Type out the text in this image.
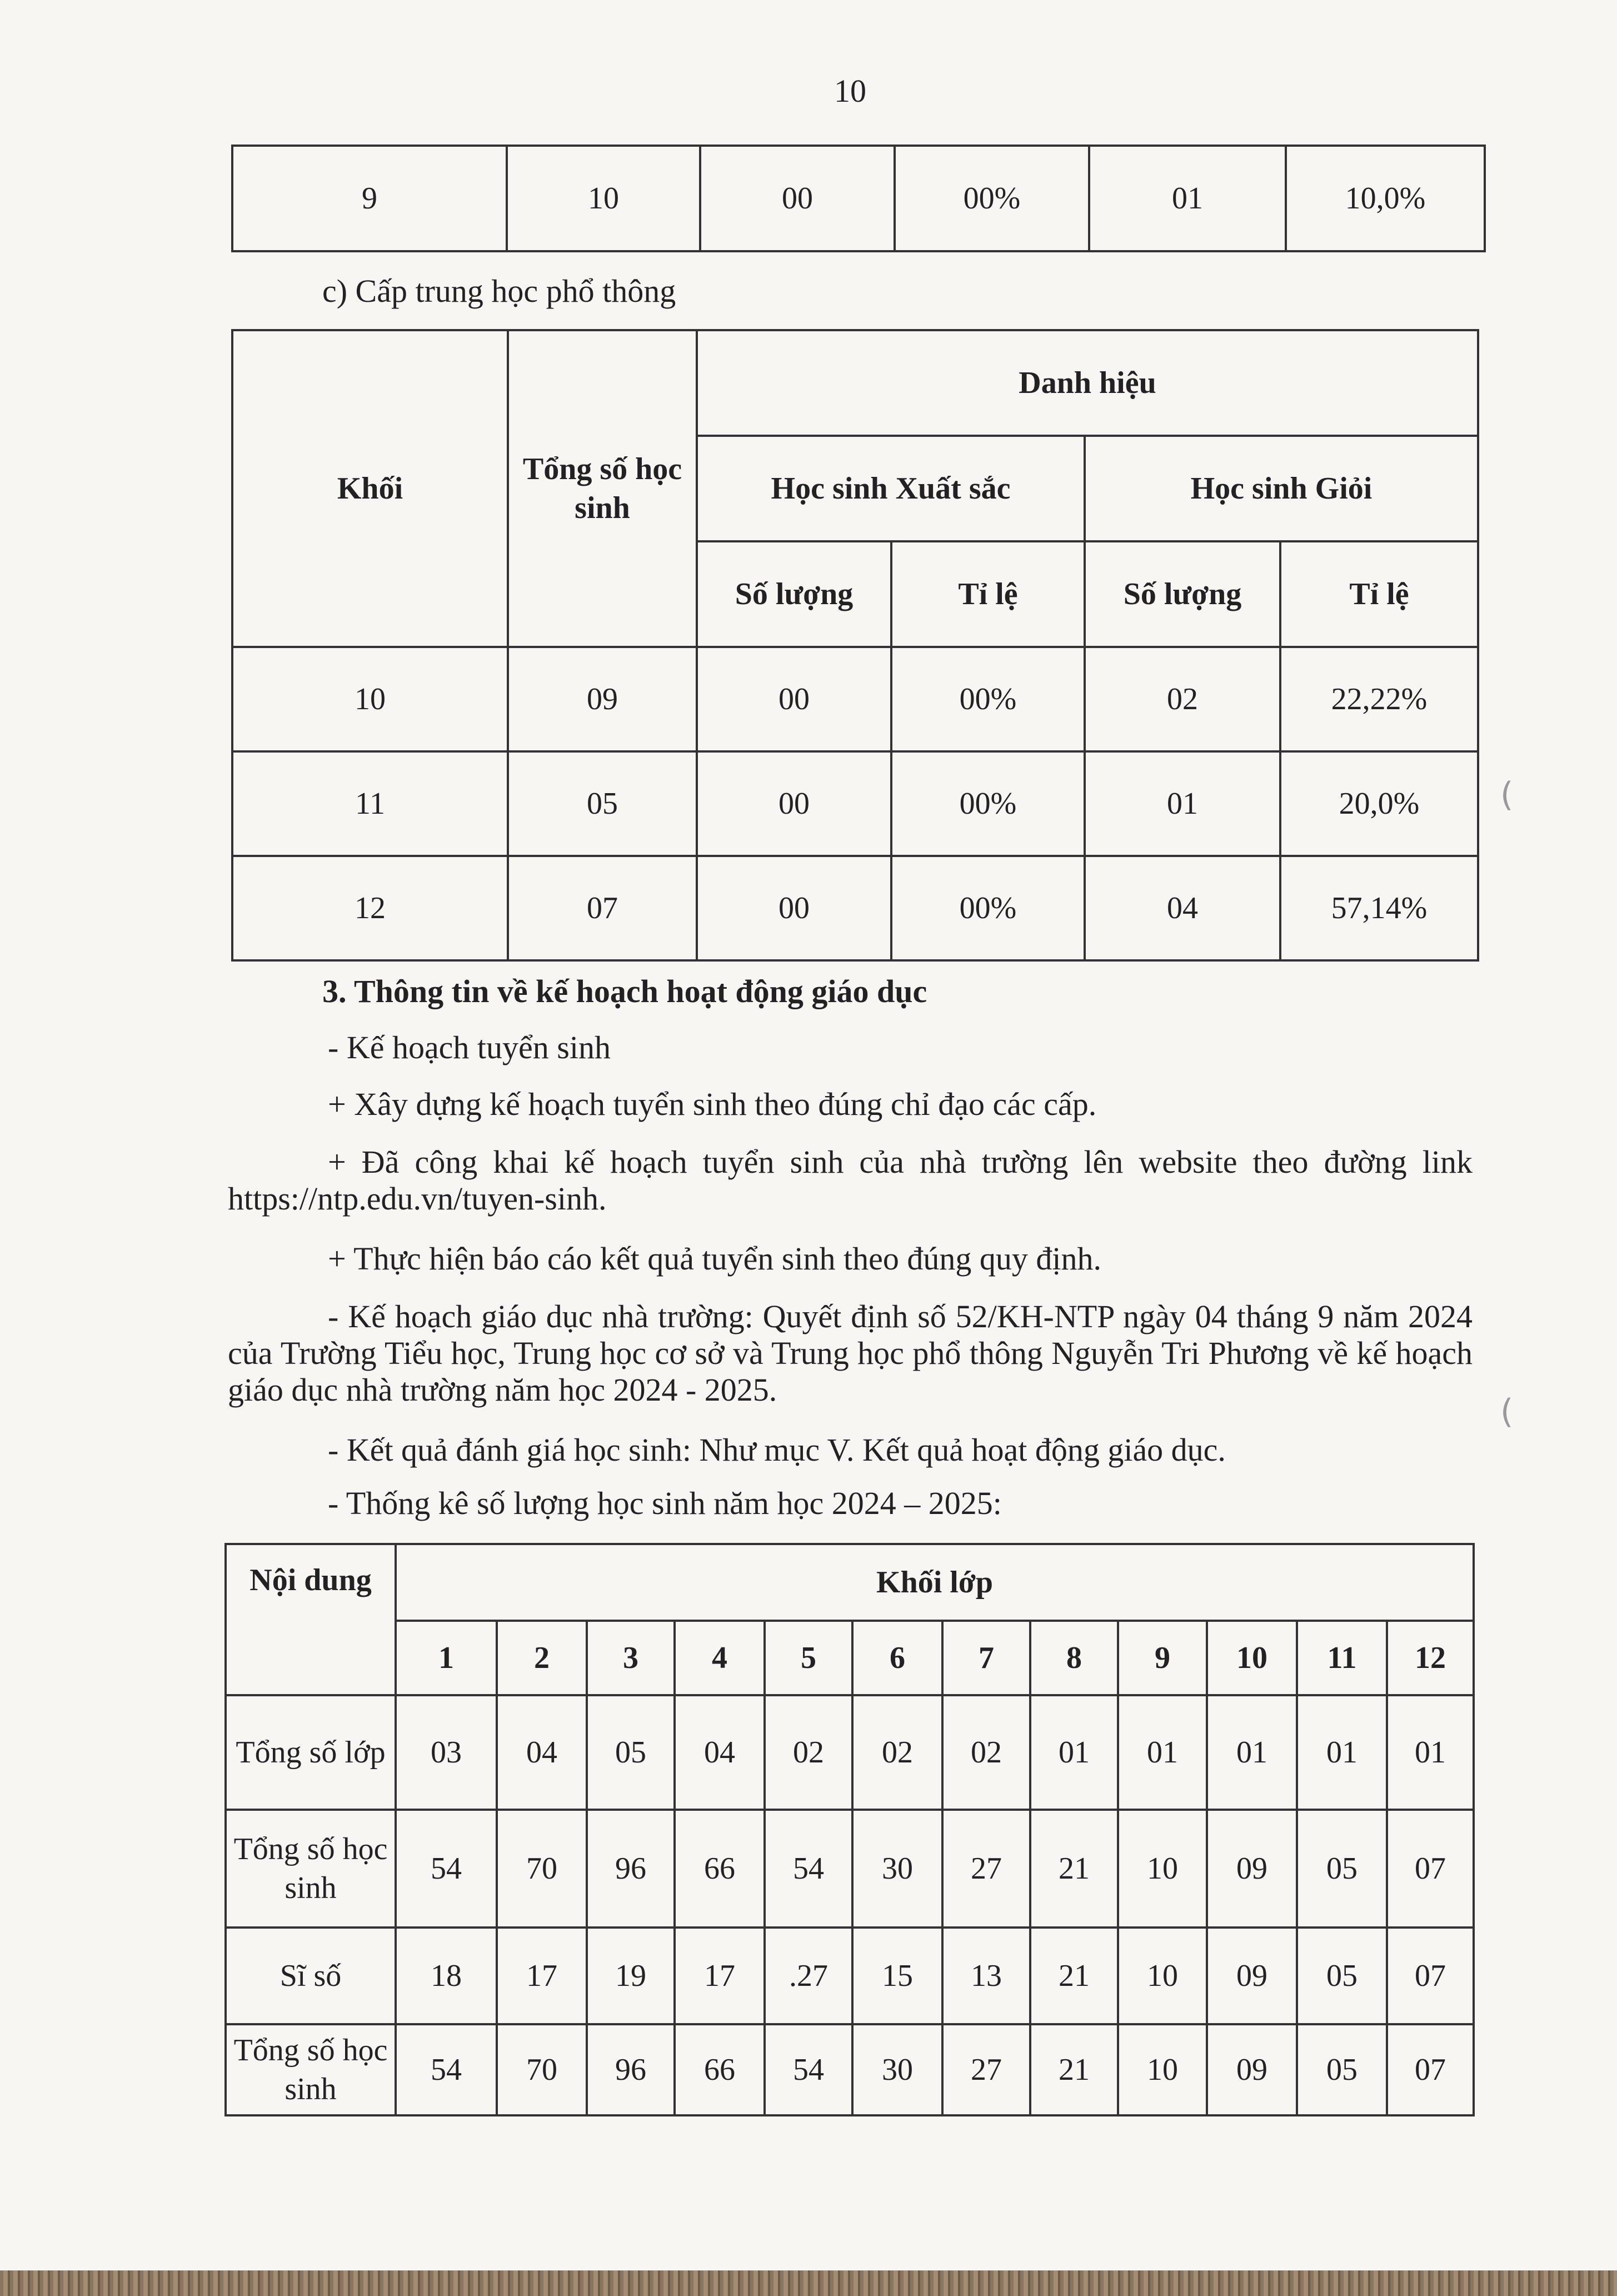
10
9	10	00	00%	01	10,0%
c) Cấp trung học phổ thông
Khối	Tổng số học sinh	Danh hiệu			
		Học sinh Xuất sắc		Học sinh Giỏi	
		Số lượng	Tỉ lệ	Số lượng	Tỉ lệ
10	09	00	00%	02	22,22%
11	05	00	00%	01	20,0%
12	07	00	00%	04	57,14%
3. Thông tin về kế hoạch hoạt động giáo dục
- Kế hoạch tuyển sinh
+ Xây dựng kế hoạch tuyển sinh theo đúng chỉ đạo các cấp.
+ Đã công khai kế hoạch tuyển sinh của nhà trường lên website theo đường link https://ntp.edu.vn/tuyen-sinh.
+ Thực hiện báo cáo kết quả tuyển sinh theo đúng quy định.
- Kế hoạch giáo dục nhà trường: Quyết định số 52/KH-NTP ngày 04 tháng 9 năm 2024 của Trường Tiểu học, Trung học cơ sở và Trung học phổ thông Nguyễn Tri Phương về kế hoạch giáo dục nhà trường năm học 2024 - 2025.
- Kết quả đánh giá học sinh: Như mục V. Kết quả hoạt động giáo dục.
- Thống kê số lượng học sinh năm học 2024 – 2025:
Nội dung	Khối lớp											
	1	2	3	4	5	6	7	8	9	10	11	12
Tổng số lớp	03	04	05	04	02	02	02	01	01	01	01	01
Tổng số học sinh	54	70	96	66	54	30	27	21	10	09	05	07
Sĩ số	18	17	19	17	.27	15	13	21	10	09	05	07
Tổng số học sinh	54	70	96	66	54	30	27	21	10	09	05	07
(
(
